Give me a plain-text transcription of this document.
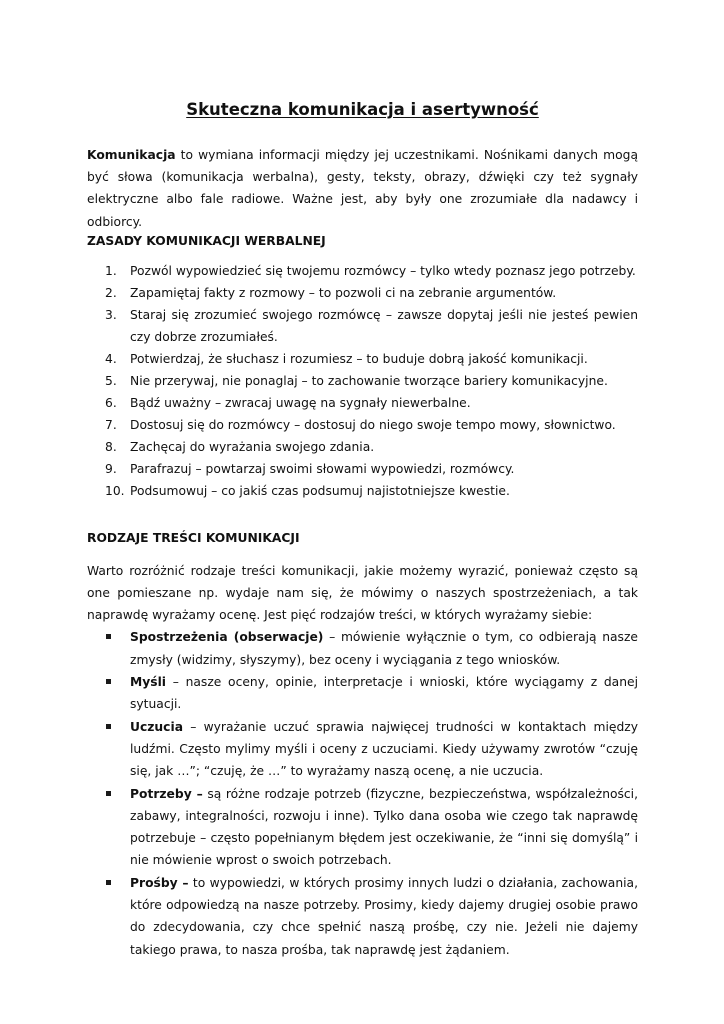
Skuteczna komunikacja i asertywność

Komunikacja to wymiana informacji między jej uczestnikami. Nośnikami danych mogą być słowa (komunikacja werbalna), gesty, teksty, obrazy, dźwięki czy też sygnały elektryczne albo fale radiowe. Ważne jest, aby były one zrozumiałe dla nadawcy i odbiorcy.

ZASADY KOMUNIKACJI WERBALNEJ
1. Pozwól wypowiedzieć się twojemu rozmówcy – tylko wtedy poznasz jego potrzeby.
2. Zapamiętaj fakty z rozmowy – to pozwoli ci na zebranie argumentów.
3. Staraj się zrozumieć swojego rozmówcę – zawsze dopytaj jeśli nie jesteś pewien czy dobrze zrozumiałeś.
4. Potwierdzaj, że słuchasz i rozumiesz – to buduje dobrą jakość komunikacji.
5. Nie przerywaj, nie ponaglaj – to zachowanie tworzące bariery komunikacyjne.
6. Bądź uważny – zwracaj uwagę na sygnały niewerbalne.
7. Dostosuj się do rozmówcy – dostosuj do niego swoje tempo mowy, słownictwo.
8. Zachęcaj do wyrażania swojego zdania.
9. Parafrazuj – powtarzaj swoimi słowami wypowiedzi, rozmówcy.
10. Podsumowuj – co jakiś czas podsumuj najistotniejsze kwestie.
RODZAJE TREŚCI KOMUNIKACJI

Warto rozróżnić rodzaje treści komunikacji, jakie możemy wyrazić, ponieważ często są one pomieszane np. wydaje nam się, że mówimy o naszych spostrzeżeniach, a tak naprawdę wyrażamy ocenę. Jest pięć rodzajów treści, w których wyrażamy siebie:

Spostrzeżenia (obserwacje) – mówienie wyłącznie o tym, co odbierają nasze zmysły (widzimy, słyszymy), bez oceny i wyciągania z tego wniosków.
Myśli – nasze oceny, opinie, interpretacje i wnioski, które wyciągamy z danej sytuacji.
Uczucia – wyrażanie uczuć sprawia najwięcej trudności w kontaktach między ludźmi. Często mylimy myśli i oceny z uczuciami. Kiedy używamy zwrotów “czuję się, jak …”; “czuję, że …” to wyrażamy naszą ocenę, a nie uczucia.
Potrzeby – są różne rodzaje potrzeb (fizyczne, bezpieczeństwa, współzależności, zabawy, integralności, rozwoju i inne). Tylko dana osoba wie czego tak naprawdę potrzebuje – często popełnianym błędem jest oczekiwanie, że “inni się domyślą” i nie mówienie wprost o swoich potrzebach.
Prośby – to wypowiedzi, w których prosimy innych ludzi o działania, zachowania, które odpowiedzą na nasze potrzeby. Prosimy, kiedy dajemy drugiej osobie prawo do zdecydowania, czy chce spełnić naszą prośbę, czy nie. Jeżeli nie dajemy takiego prawa, to nasza prośba, tak naprawdę jest żądaniem.
